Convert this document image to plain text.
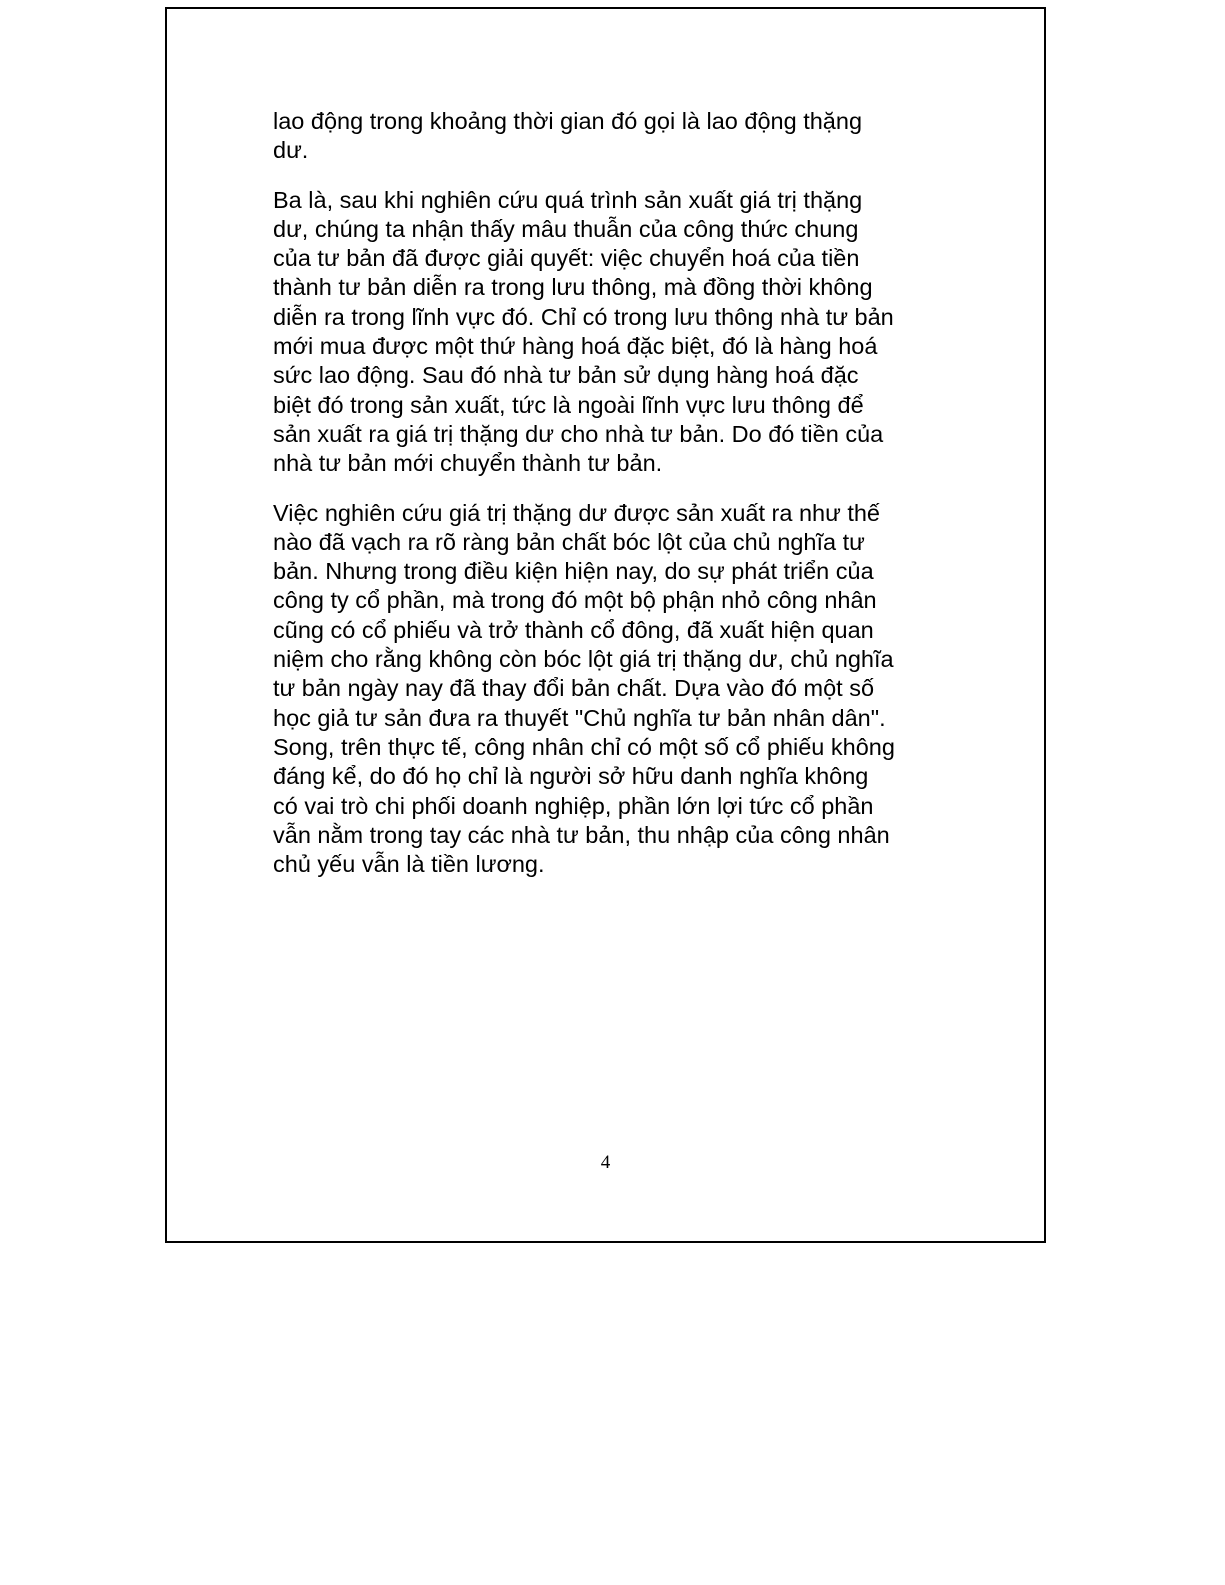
lao động trong khoảng thời gian đó gọi là lao động thặng
dư.

Ba là, sau khi nghiên cứu quá trình sản xuất giá trị thặng
dư, chúng ta nhận thấy mâu thuẫn của công thức chung
của tư bản đã được giải quyết: việc chuyển hoá của tiền
thành tư bản diễn ra trong lưu thông, mà đồng thời không
diễn ra trong lĩnh vực đó. Chỉ có trong lưu thông nhà tư bản
mới mua được một thứ hàng hoá đặc biệt, đó là hàng hoá
sức lao động. Sau đó nhà tư bản sử dụng hàng hoá đặc
biệt đó trong sản xuất, tức là ngoài lĩnh vực lưu thông để
sản xuất ra giá trị thặng dư cho nhà tư bản. Do đó tiền của
nhà tư bản mới chuyển thành tư bản.

Việc nghiên cứu giá trị thặng dư được sản xuất ra như thế
nào đã vạch ra rõ ràng bản chất bóc lột của chủ nghĩa tư
bản. Nhưng trong điều kiện hiện nay, do sự phát triển của
công ty cổ phần, mà trong đó một bộ phận nhỏ công nhân
cũng có cổ phiếu và trở thành cổ đông, đã xuất hiện quan
niệm cho rằng không còn bóc lột giá trị thặng dư, chủ nghĩa
tư bản ngày nay đã thay đổi bản chất. Dựa vào đó một số
học giả tư sản đưa ra thuyết "Chủ nghĩa tư bản nhân dân".
Song, trên thực tế, công nhân chỉ có một số cổ phiếu không
đáng kể, do đó họ chỉ là người sở hữu danh nghĩa không
có vai trò chi phối doanh nghiệp, phần lớn lợi tức cổ phần
vẫn nằm trong tay các nhà tư bản, thu nhập của công nhân
chủ yếu vẫn là tiền lương.

4
